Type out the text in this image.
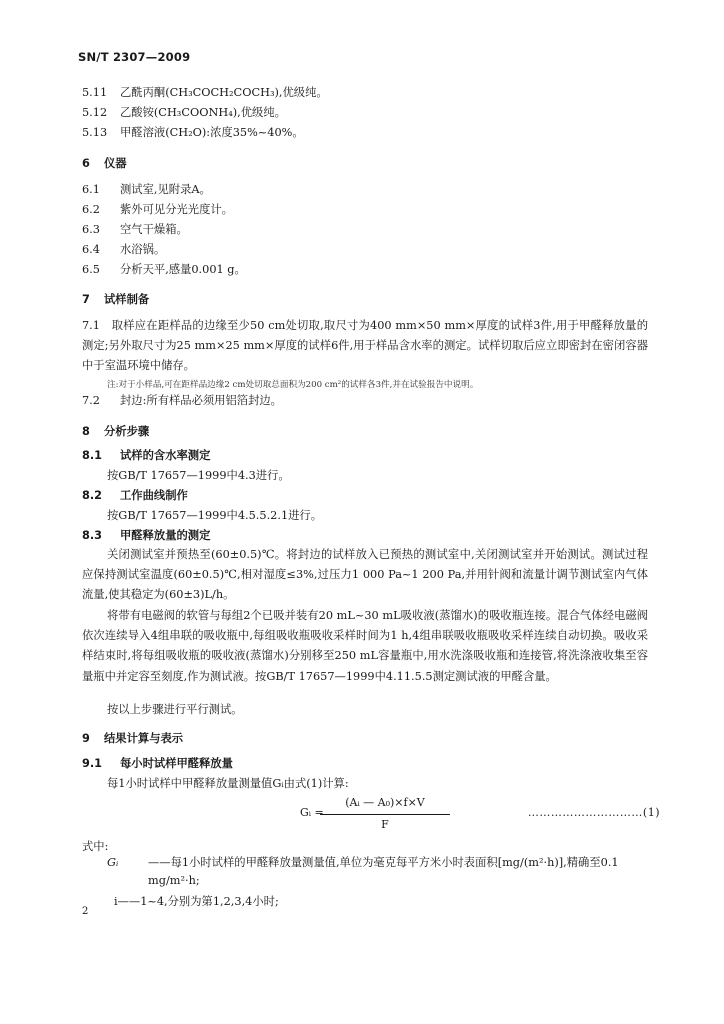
SN/T 2307—2009
5.11 乙酰丙酮(CH₃COCH₂COCH₃),优级纯。
5.12 乙酸铵(CH₃COONH₄),优级纯。
5.13 甲醛溶液(CH₂O):浓度35%~40%。
6 仪器
6.1 测试室,见附录A。
6.2 紫外可见分光光度计。
6.3 空气干燥箱。
6.4 水浴锅。
6.5 分析天平,感量0.001 g。
7 试样制备

7.1　取样应在距样品的边缘至少50 cm处切取,取尺寸为400 mm×50 mm×厚度的试样3件,用于甲醛释放量的测定;另外取尺寸为25 mm×25 mm×厚度的试样6件,用于样品含水率的测定。试样切取后应立即密封在密闭容器中于室温环境中储存。

注:对于小样品,可在距样品边缘2 cm处切取总面积为200 cm²的试样各3件,并在试验报告中说明。
7.2 封边:所有样品必须用铝箔封边。
8 分析步骤
8.1 试样的含水率测定
按GB/T 17657—1999中4.3进行。
8.2 工作曲线制作
按GB/T 17657—1999中4.5.5.2.1进行。
8.3 甲醛释放量的测定

关闭测试室并预热至(60±0.5)℃。将封边的试样放入已预热的测试室中,关闭测试室并开始测试。测试过程应保持测试室温度(60±0.5)℃,相对湿度≤3%,过压力1 000 Pa~1 200 Pa,并用针阀和流量计调节测试室内气体流量,使其稳定为(60±3)L/h。

将带有电磁阀的软管与每组2个已吸并装有20 mL~30 mL吸收液(蒸馏水)的吸收瓶连接。混合气体经电磁阀依次连续导入4组串联的吸收瓶中,每组吸收瓶吸收采样时间为1 h,4组串联吸收瓶吸收采样连续自动切换。吸收采样结束时,将每组吸收瓶的吸收液(蒸馏水)分别移至250 mL容量瓶中,用水洗涤吸收瓶和连接管,将洗涤液收集至容量瓶中并定容至刻度,作为测试液。按GB/T 17657—1999中4.11.5.5测定测试液的甲醛含量。

按以上步骤进行平行测试。

9 结果计算与表示
9.1 每小时试样甲醛释放量
每1小时试样中甲醛释放量测量值Gᵢ由式(1)计算:
Gᵢ =
(Aᵢ — A₀)×f×V
F
…………………………(1)
式中:
Gᵢ	——每1小时试样的甲醛释放量测量值,单位为毫克每平方米小时表面积[mg/(m²·h)],精确至0.1 mg/m²·h;
i——1~4,分别为第1,2,3,4小时;
2
